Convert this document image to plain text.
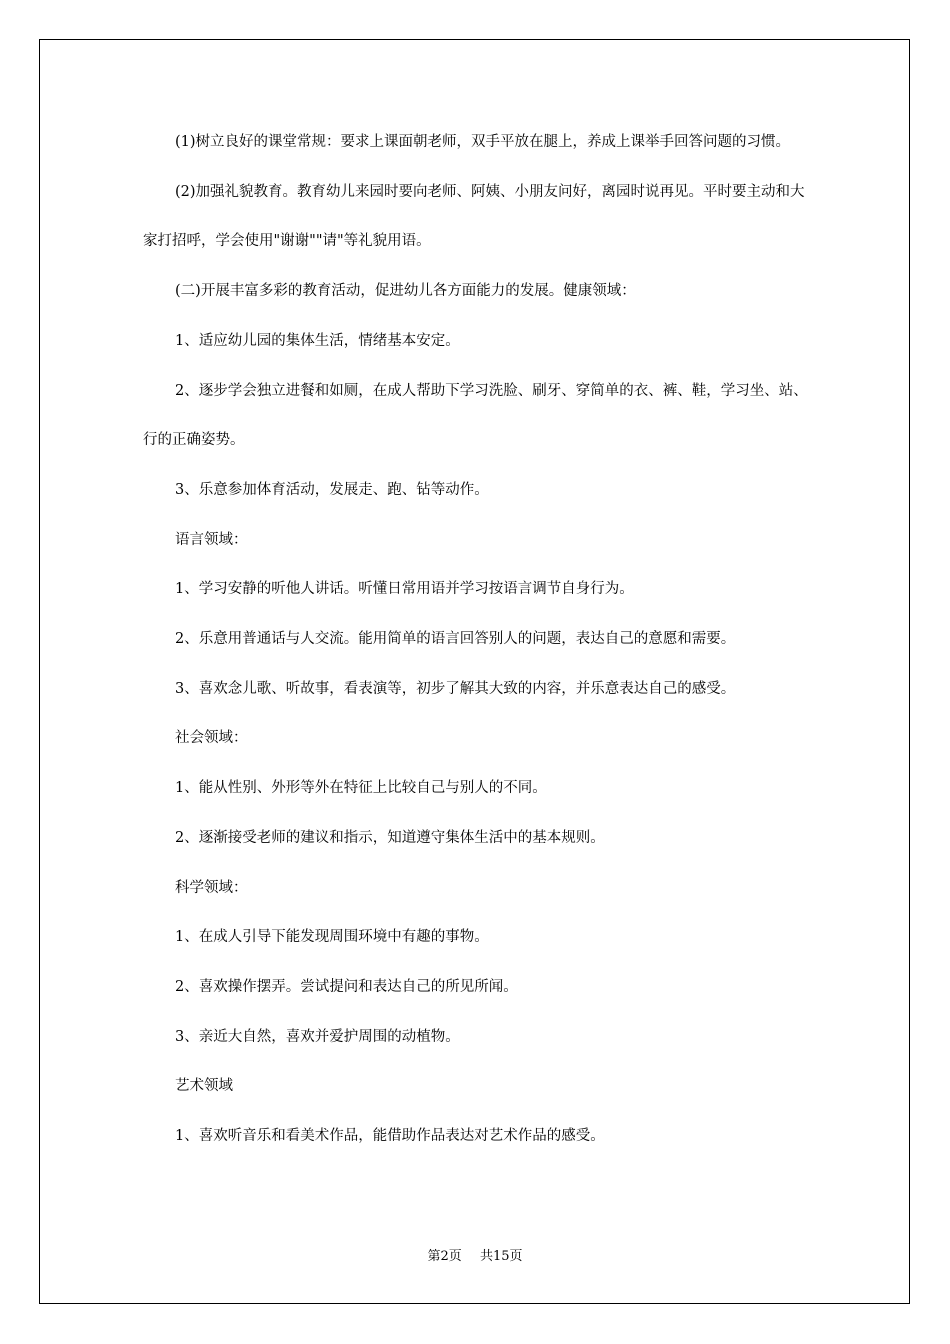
(1)树立良好的课堂常规：要求上课面朝老师，双手平放在腿上，养成上课举手回答问题的习惯。

(2)加强礼貌教育。教育幼儿来园时要向老师、阿姨、小朋友问好，离园时说再见。平时要主动和大家打招呼，学会使用"谢谢""请"等礼貌用语。

(二)开展丰富多彩的教育活动，促进幼儿各方面能力的发展。健康领域：

1、适应幼儿园的集体生活，情绪基本安定。

2、逐步学会独立进餐和如厕，在成人帮助下学习洗脸、刷牙、穿简单的衣、裤、鞋，学习坐、站、行的正确姿势。

3、乐意参加体育活动，发展走、跑、钻等动作。

语言领域：

1、学习安静的听他人讲话。听懂日常用语并学习按语言调节自身行为。

2、乐意用普通话与人交流。能用简单的语言回答别人的问题，表达自己的意愿和需要。

3、喜欢念儿歌、听故事，看表演等，初步了解其大致的内容，并乐意表达自己的感受。

社会领域：

1、能从性别、外形等外在特征上比较自己与别人的不同。

2、逐渐接受老师的建议和指示，知道遵守集体生活中的基本规则。

科学领域：

1、在成人引导下能发现周围环境中有趣的事物。

2、喜欢操作摆弄。尝试提问和表达自己的所见所闻。

3、亲近大自然，喜欢并爱护周围的动植物。

艺术领域

1、喜欢听音乐和看美术作品，能借助作品表达对艺术作品的感受。

第2页 共15页
